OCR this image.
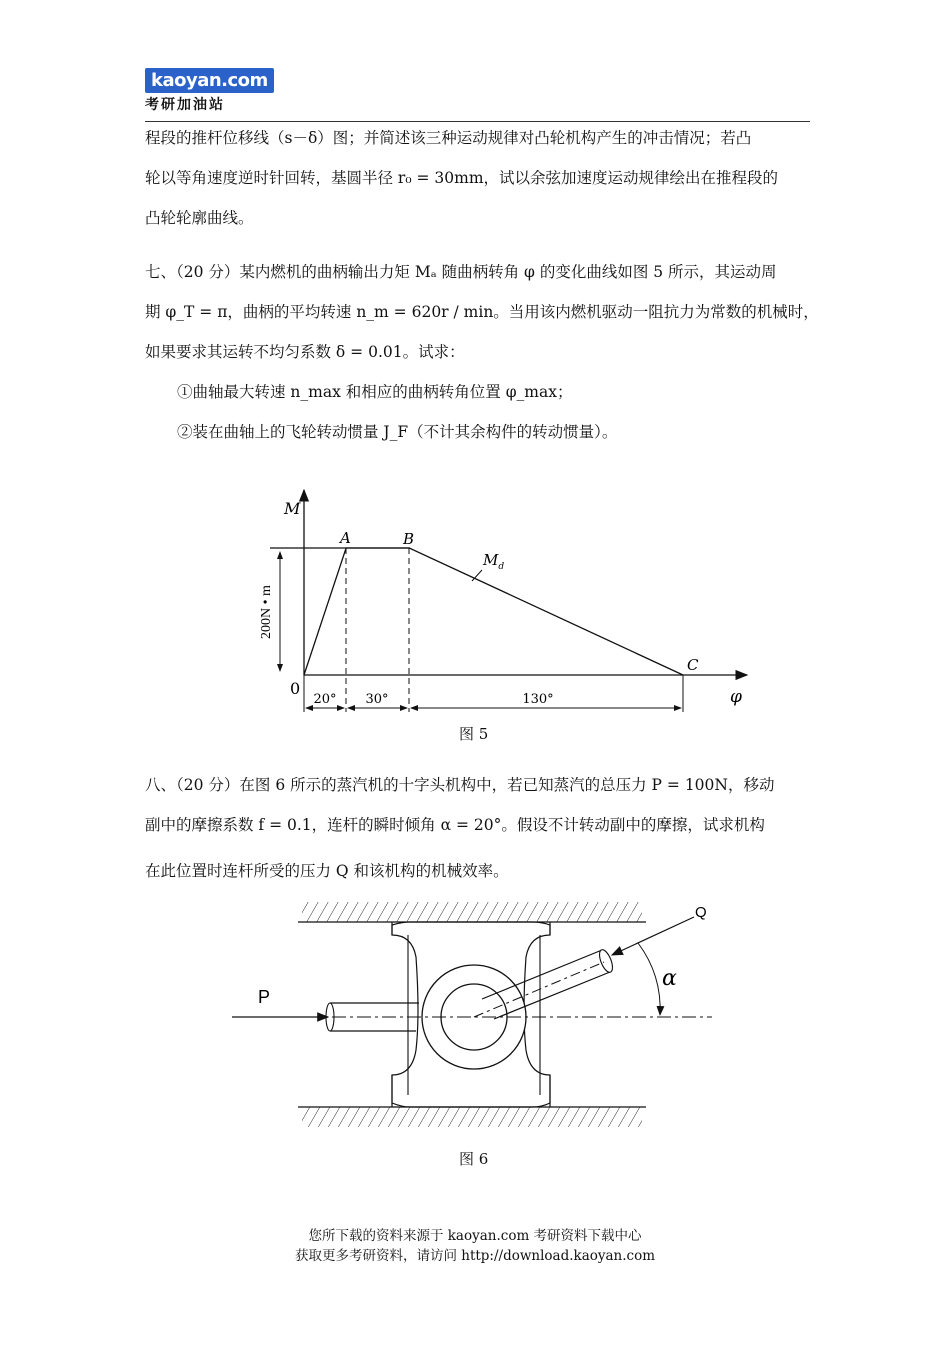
kaoyan.com
考研加油站
程段的推杆位移线（s－δ）图；并简述该三种运动规律对凸轮机构产生的冲击情况；若凸
轮以等角速度逆时针回转，基圆半径 r₀ = 30mm，试以余弦加速度运动规律绘出在推程段的
凸轮轮廓曲线。
七、（20 分）某内燃机的曲柄输出力矩 Mₐ 随曲柄转角 φ 的变化曲线如图 5 所示，其运动周
期 φ_T = π，曲柄的平均转速 n_m = 620r / min。当用该内燃机驱动一阻抗力为常数的机械时，
如果要求其运转不均匀系数 δ = 0.01。试求：
①曲轴最大转速 n_max 和相应的曲柄转角位置 φ_max；
②装在曲轴上的飞轮转动惯量 J_F（不计其余构件的转动惯量）。
200N • m
20° 30°	130°
M
φ
0
A	B
C
$M_d$
图 5
八、（20 分）在图 6 所示的蒸汽机的十字头机构中，若已知蒸汽的总压力 P = 100N，移动
副中的摩擦系数 f = 0.1，连杆的瞬时倾角 α = 20°。假设不计转动副中的摩擦，试求机构
在此位置时连杆所受的压力 Q 和该机构的机械效率。
P
Q
α
图 6
您所下载的资料来源于 kaoyan.com 考研资料下载中心
获取更多考研资料，请访问 http://download.kaoyan.com
